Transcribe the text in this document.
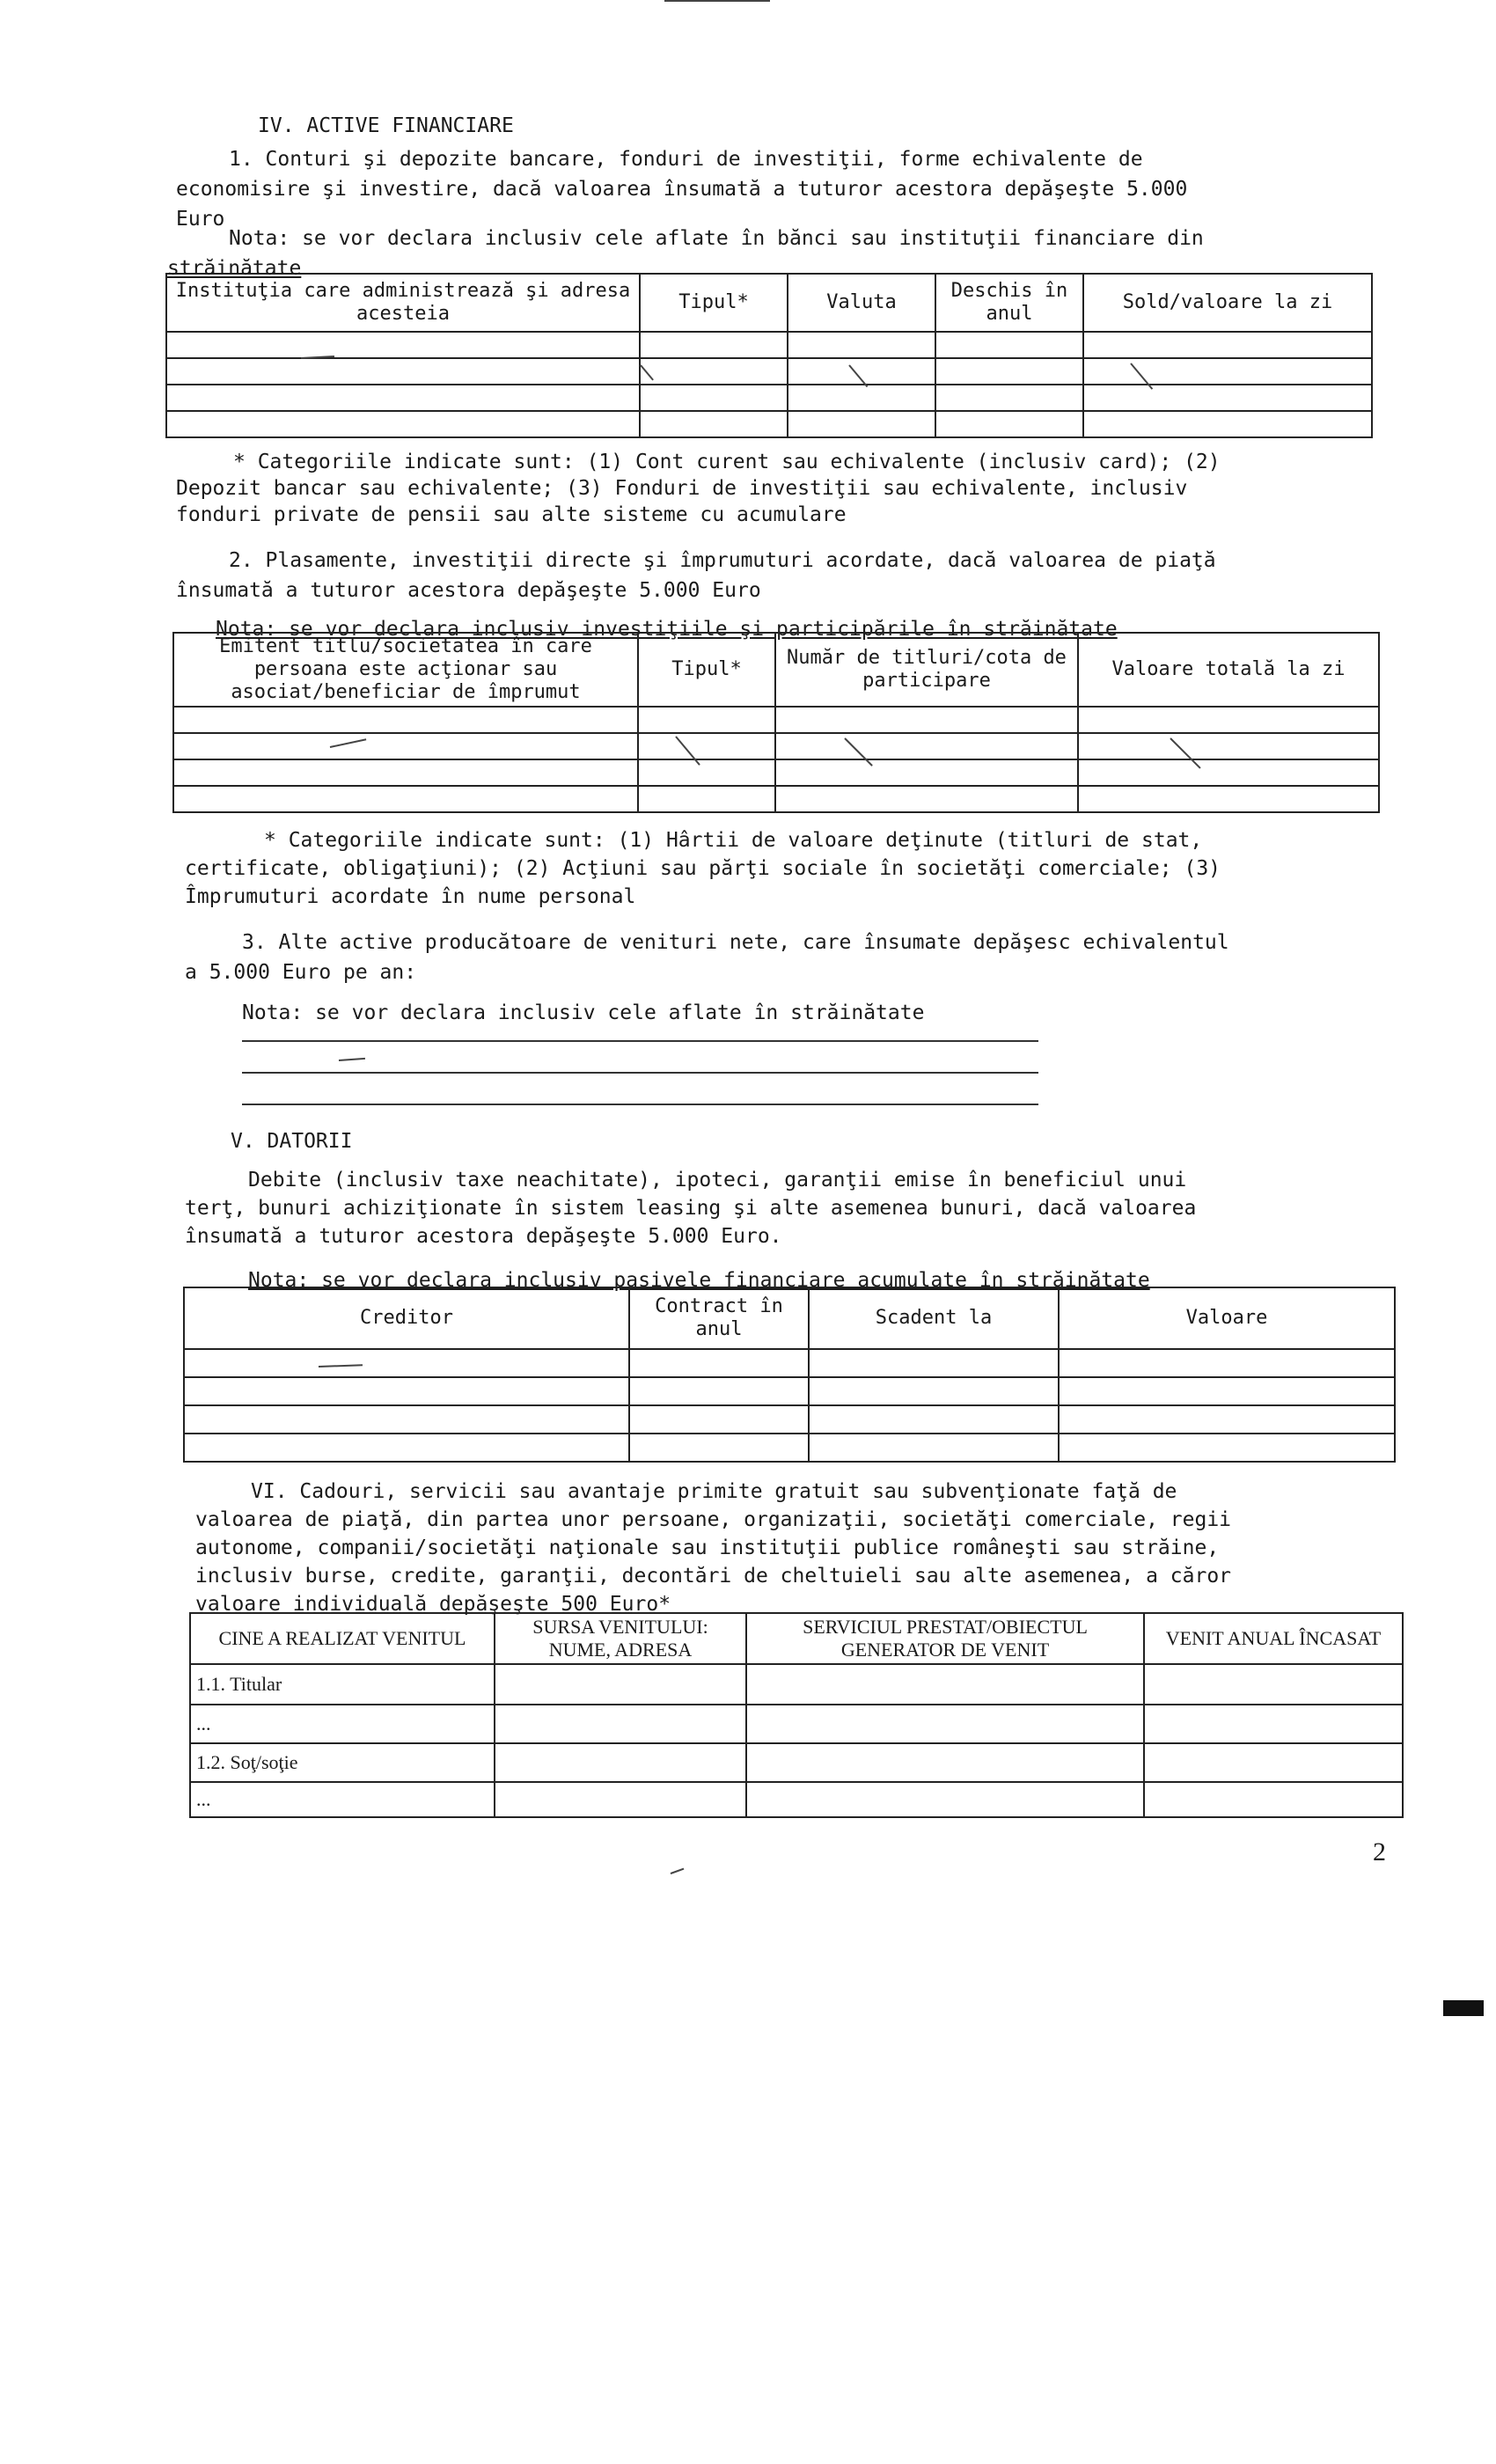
IV. ACTIVE FINANCIARE
1. Conturi şi depozite bancare, fonduri de investiţii, forme echivalente de
economisire şi investire, dacă valoarea însumată a tuturor acestora depăşeşte 5.000
Euro
Nota: se vor declara inclusiv cele aflate în bănci sau instituţii financiare din
străinătate
Instituţia care administrează şi adresa acesteia	Tipul*	Valuta	Deschis în anul	Sold/valoare la zi

* Categoriile indicate sunt: (1) Cont curent sau echivalente (inclusiv card); (2)
Depozit bancar sau echivalente; (3) Fonduri de investiţii sau echivalente, inclusiv
fonduri private de pensii sau alte sisteme cu acumulare
2. Plasamente, investiţii directe şi împrumuturi acordate, dacă valoarea de piaţă
însumată a tuturor acestora depăşeşte 5.000 Euro
Nota: se vor declara inclusiv investiţiile şi participările în străinătate
Emitent titlu/societatea în care persoana este acţionar sau asociat/beneficiar de împrumut	Tipul*	Număr de titluri/cota de participare	Valoare totală la zi

* Categoriile indicate sunt: (1) Hârtii de valoare deţinute (titluri de stat,
certificate, obligaţiuni); (2) Acţiuni sau părţi sociale în societăţi comerciale; (3)
Împrumuturi acordate în nume personal
3. Alte active producătoare de venituri nete, care însumate depăşesc echivalentul
a 5.000 Euro pe an:
Nota: se vor declara inclusiv cele aflate în străinătate
V. DATORII
Debite (inclusiv taxe neachitate), ipoteci, garanţii emise în beneficiul unui
terţ, bunuri achiziţionate în sistem leasing şi alte asemenea bunuri, dacă valoarea
însumată a tuturor acestora depăşeşte 5.000 Euro.
Nota: se vor declara inclusiv pasivele financiare acumulate în străinătate
Creditor	Contract în anul	Scadent la	Valoare

VI. Cadouri, servicii sau avantaje primite gratuit sau subvenţionate faţă de
valoarea de piaţă, din partea unor persoane, organizaţii, societăţi comerciale, regii
autonome, companii/societăţi naţionale sau instituţii publice româneşti sau străine,
inclusiv burse, credite, garanţii, decontări de cheltuieli sau alte asemenea, a căror
valoare individuală depăşeşte 500 Euro*
CINE A REALIZAT VENITUL	SURSA VENITULUI: NUME, ADRESA	SERVICIUL PRESTAT/OBIECTUL GENERATOR DE VENIT	VENIT ANUAL ÎNCASAT
1.1. Titular			
...			
1.2. Soţ/soţie			
...			
2
